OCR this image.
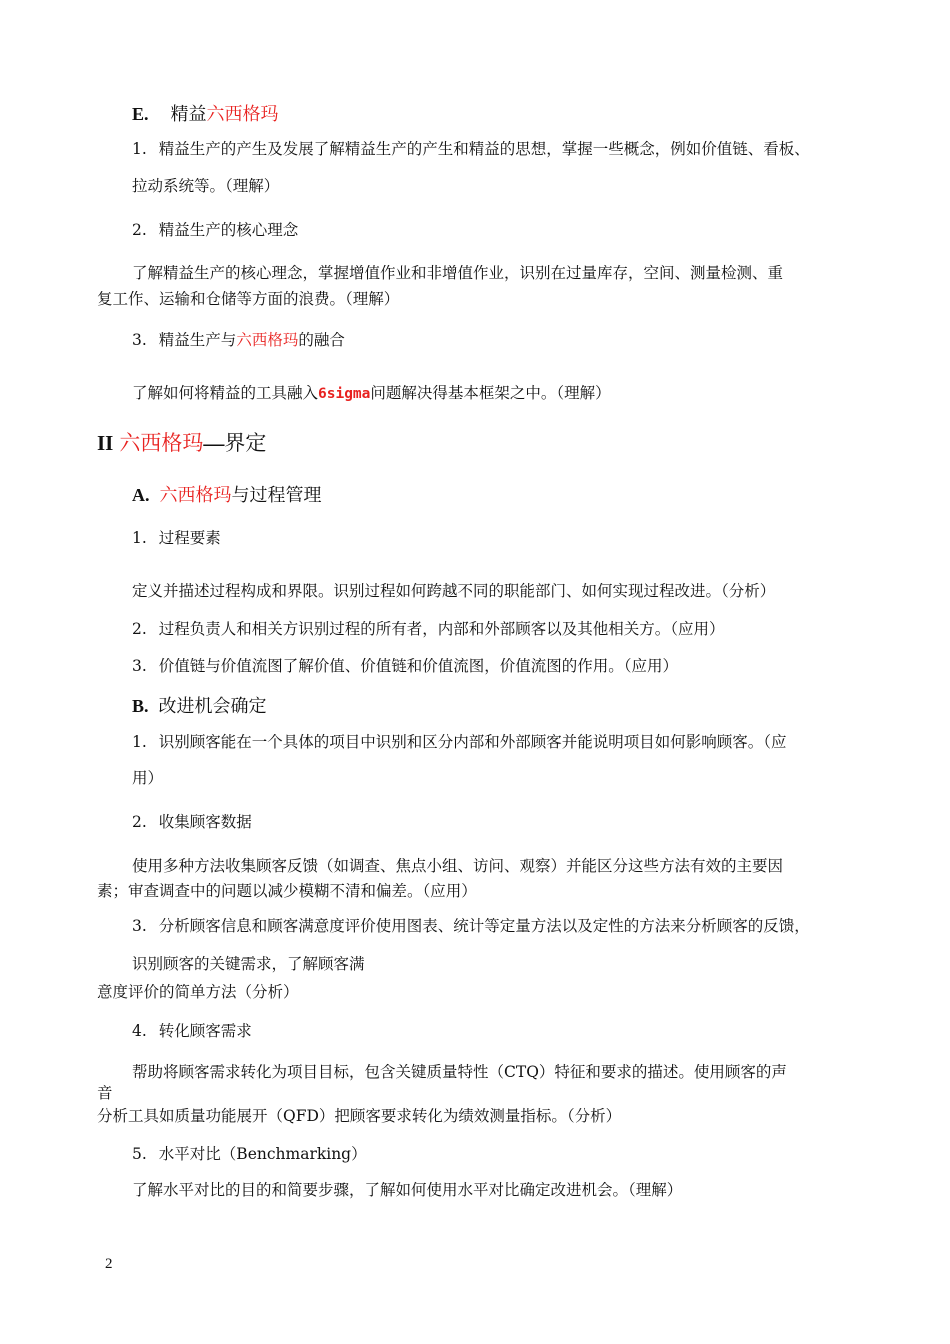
E. 精益六西格玛
1. 精益生产的产生及发展了解精益生产的产生和精益的思想，掌握一些概念，例如价值链、看板、
拉动系统等。（理解）
2. 精益生产的核心理念
了解精益生产的核心理念，掌握增值作业和非增值作业，识别在过量库存，空间、测量检测、重
复工作、运输和仓储等方面的浪费。（理解）
3. 精益生产与六西格玛的融合
了解如何将精益的工具融入6sigma问题解决得基本框架之中。（理解）
II 六西格玛—界定
A. 六西格玛与过程管理
1. 过程要素
定义并描述过程构成和界限。识别过程如何跨越不同的职能部门、如何实现过程改进。（分析）
2. 过程负责人和相关方识别过程的所有者，内部和外部顾客以及其他相关方。（应用）
3. 价值链与价值流图了解价值、价值链和价值流图，价值流图的作用。（应用）
B. 改进机会确定
1. 识别顾客能在一个具体的项目中识别和区分内部和外部顾客并能说明项目如何影响顾客。（应
用）
2. 收集顾客数据
使用多种方法收集顾客反馈（如调查、焦点小组、访问、观察）并能区分这些方法有效的主要因
素；审查调查中的问题以减少模糊不清和偏差。（应用）
3. 分析顾客信息和顾客满意度评价使用图表、统计等定量方法以及定性的方法来分析顾客的反馈，
识别顾客的关键需求，了解顾客满
意度评价的简单方法（分析）
4. 转化顾客需求
帮助将顾客需求转化为项目目标，包含关键质量特性（CTQ）特征和要求的描述。使用顾客的声
音
分析工具如质量功能展开（QFD）把顾客要求转化为绩效测量指标。（分析）
5. 水平对比（Benchmarking）
了解水平对比的目的和简要步骤，了解如何使用水平对比确定改进机会。（理解）
2
